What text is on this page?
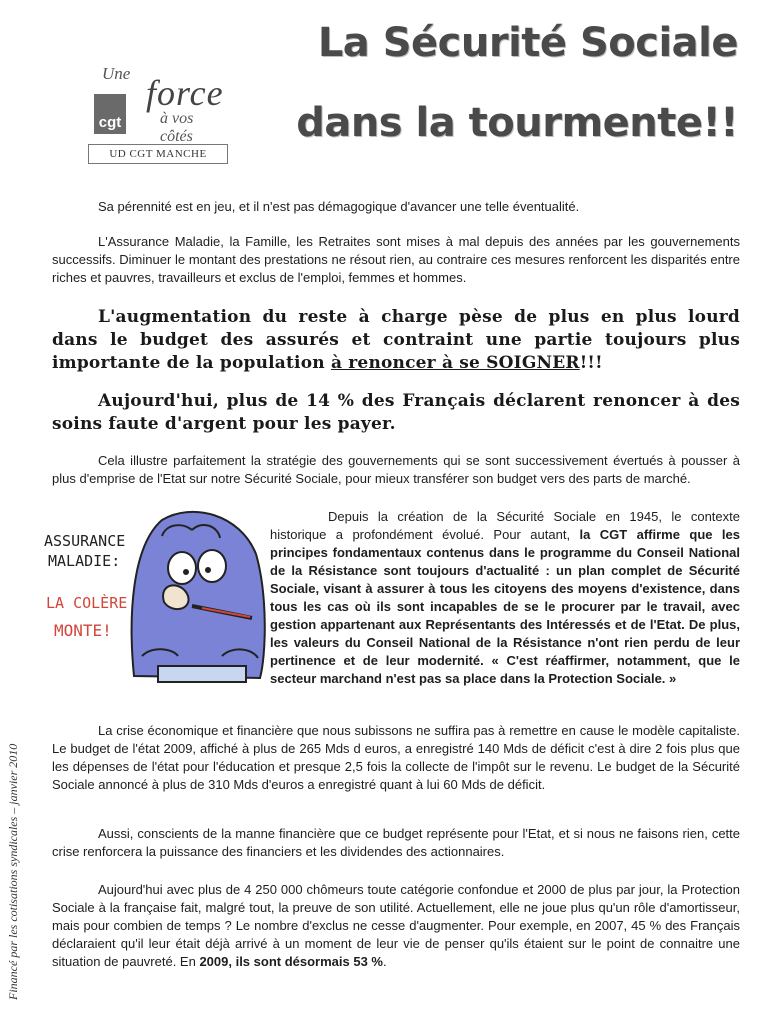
Une force
cgt à vos côtés
UD CGT MANCHE
La Sécurité Sociale
dans la tourmente!!
Financé par les cotisations syndicales – janvier 2010

Sa pérennité est en jeu, et il n'est pas démagogique d'avancer une telle éventualité.

L'Assurance Maladie, la Famille, les Retraites sont mises à mal depuis des années par les gouvernements successifs. Diminuer le montant des prestations ne résout rien, au contraire ces mesures renforcent les disparités entre riches et pauvres, travailleurs et exclus de l'emploi, femmes et hommes.

L'augmentation du reste à charge pèse de plus en plus lourd dans le budget des assurés et contraint une partie toujours plus importante de la population à renoncer à se SOIGNER!!!

Aujourd'hui, plus de 14 % des Français déclarent renoncer à des soins faute d'argent pour les payer.

Cela illustre parfaitement la stratégie des gouvernements qui se sont successivement évertués à pousser à plus d'emprise de l'Etat sur notre Sécurité Sociale, pour mieux transférer son budget vers des parts de marché.

ASSURANCE
MALADIE:
LA COLÈRE
MONTE!

Depuis la création de la Sécurité Sociale en 1945, le contexte historique a profondément évolué. Pour autant, la CGT affirme que les principes fondamentaux contenus dans le programme du Conseil National de la Résistance sont toujours d'actualité : un plan complet de Sécurité Sociale, visant à assurer à tous les citoyens des moyens d'existence, dans tous les cas où ils sont incapables de se le procurer par le travail, avec gestion appartenant aux Représentants des Intéressés et de l'Etat. De plus, les valeurs du Conseil National de la Résistance n'ont rien perdu de leur pertinence et de leur modernité. « C'est réaffirmer, notamment, que le secteur marchand n'est pas sa place dans la Protection Sociale. »

La crise économique et financière que nous subissons ne suffira pas à remettre en cause le modèle capitaliste. Le budget de l'état 2009, affiché à plus de 265 Mds d euros, a enregistré 140 Mds de déficit c'est à dire 2 fois plus que les dépenses de l'état pour l'éducation et presque 2,5 fois la collecte de l'impôt sur le revenu. Le budget de la Sécurité Sociale annoncé à plus de 310 Mds d'euros a enregistré quant à lui 60 Mds de déficit.

Aussi, conscients de la manne financière que ce budget représente pour l'Etat, et si nous ne faisons rien, cette crise renforcera la puissance des financiers et les dividendes des actionnaires.

Aujourd'hui avec plus de 4 250 000 chômeurs toute catégorie confondue et 2000 de plus par jour, la Protection Sociale à la française fait, malgré tout, la preuve de son utilité. Actuellement, elle ne joue plus qu'un rôle d'amortisseur, mais pour combien de temps ? Le nombre d'exclus ne cesse d'augmenter. Pour exemple, en 2007, 45 % des Français déclaraient qu'il leur était déjà arrivé à un moment de leur vie de penser qu'ils étaient sur le point de connaitre une situation de pauvreté. En 2009, ils sont désormais 53 %.
